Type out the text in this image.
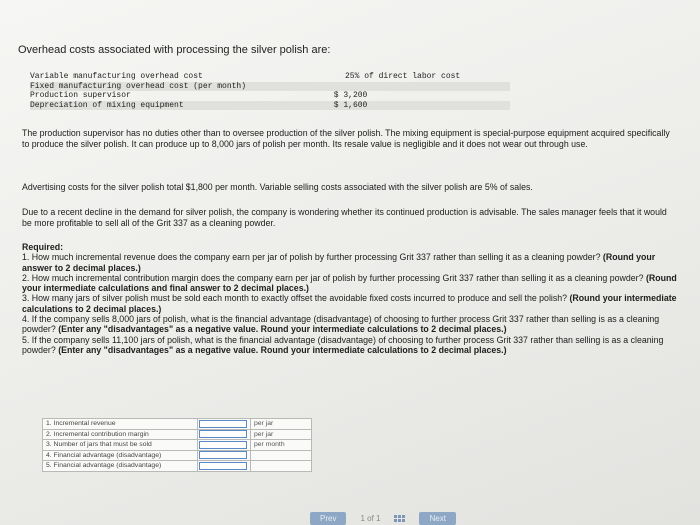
Overhead costs associated with processing the silver polish are:
Variable manufacturing overhead cost	25% of direct labor cost
Fixed manufacturing overhead cost (per month)
Production supervisor	$ 3,200
Depreciation of mixing equipment	$ 1,600
The production supervisor has no duties other than to oversee production of the silver polish. The mixing equipment is special-purpose equipment acquired specifically to produce the silver polish. It can produce up to 8,000 jars of polish per month. Its resale value is negligible and it does not wear out through use.
Advertising costs for the silver polish total $1,800 per month. Variable selling costs associated with the silver polish are 5% of sales.
Due to a recent decline in the demand for silver polish, the company is wondering whether its continued production is advisable. The sales manager feels that it would be more profitable to sell all of the Grit 337 as a cleaning powder.
Required:
1. How much incremental revenue does the company earn per jar of polish by further processing Grit 337 rather than selling it as a cleaning powder? (Round your answer to 2 decimal places.)
2. How much incremental contribution margin does the company earn per jar of polish by further processing Grit 337 rather than selling it as a cleaning powder? (Round your intermediate calculations and final answer to 2 decimal places.)
3. How many jars of silver polish must be sold each month to exactly offset the avoidable fixed costs incurred to produce and sell the polish? (Round your intermediate calculations to 2 decimal places.)
4. If the company sells 8,000 jars of polish, what is the financial advantage (disadvantage) of choosing to further process Grit 337 rather than selling is as a cleaning powder? (Enter any "disadvantages" as a negative value. Round your intermediate calculations to 2 decimal places.)
5. If the company sells 11,100 jars of polish, what is the financial advantage (disadvantage) of choosing to further process Grit 337 rather than selling is as a cleaning powder? (Enter any "disadvantages" as a negative value. Round your intermediate calculations to 2 decimal places.)
1. Incremental revenue		per jar
2. Incremental contribution margin		per jar
3. Number of jars that must be sold		per month
4. Financial advantage (disadvantage)		
5. Financial advantage (disadvantage)		
Prev	1 of 1	Next
